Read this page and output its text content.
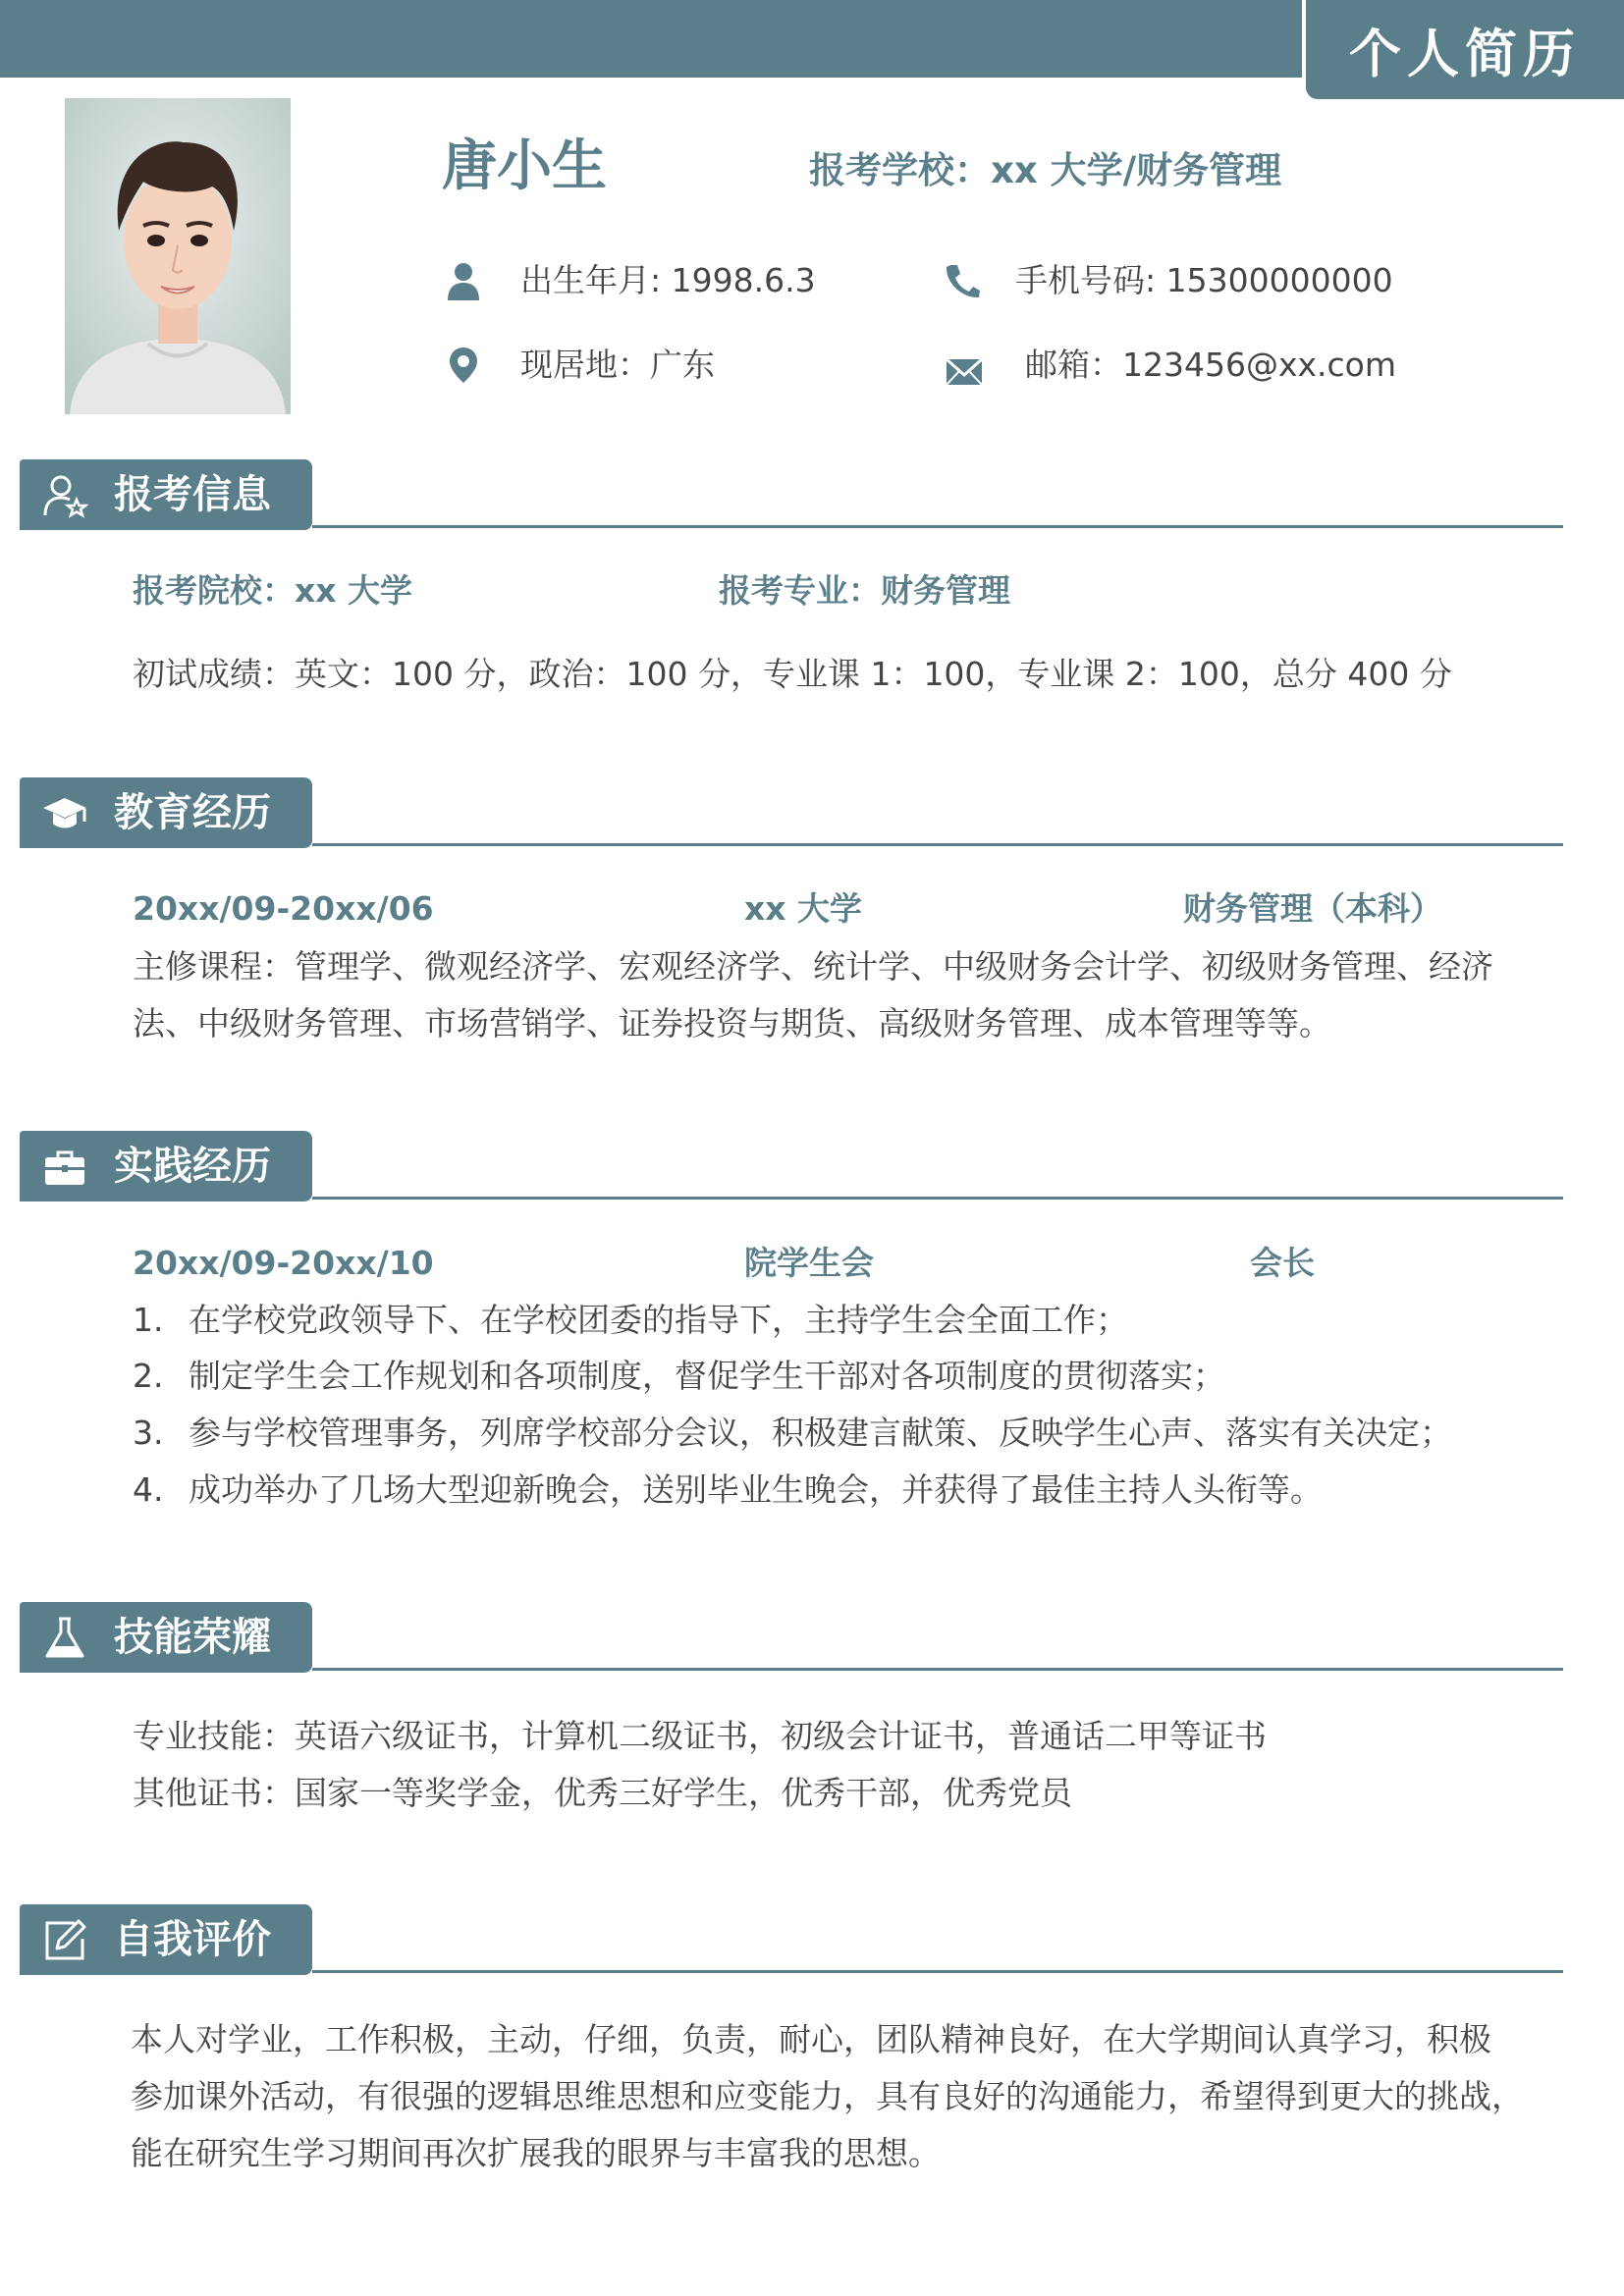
个人简历
唐小生	报考学校：xx 大学/财务管理
出生年月: 1998.6.3	手机号码: 15300000000
现居地：广东	邮箱：123456@xx.com
报考信息
报考院校：xx 大学	报考专业：财务管理
初试成绩：英文：100 分，政治：100 分，专业课 1：100，专业课 2：100，总分 400 分
教育经历
20xx/09-20xx/06	xx 大学	财务管理（本科）
主修课程：管理学、微观经济学、宏观经济学、统计学、中级财务会计学、初级财务管理、经济
法、中级财务管理、市场营销学、证券投资与期货、高级财务管理、成本管理等等。
实践经历
20xx/09-20xx/10	院学生会	会长
1. 在学校党政领导下、在学校团委的指导下，主持学生会全面工作；
2. 制定学生会工作规划和各项制度，督促学生干部对各项制度的贯彻落实；
3. 参与学校管理事务，列席学校部分会议，积极建言献策、反映学生心声、落实有关决定；
4. 成功举办了几场大型迎新晚会，送别毕业生晚会，并获得了最佳主持人头衔等。
技能荣耀
专业技能：英语六级证书，计算机二级证书，初级会计证书，普通话二甲等证书
其他证书：国家一等奖学金，优秀三好学生，优秀干部，优秀党员
自我评价
本人对学业，工作积极，主动，仔细，负责，耐心，团队精神良好，在大学期间认真学习，积极
参加课外活动，有很强的逻辑思维思想和应变能力，具有良好的沟通能力，希望得到更大的挑战，
能在研究生学习期间再次扩展我的眼界与丰富我的思想。
